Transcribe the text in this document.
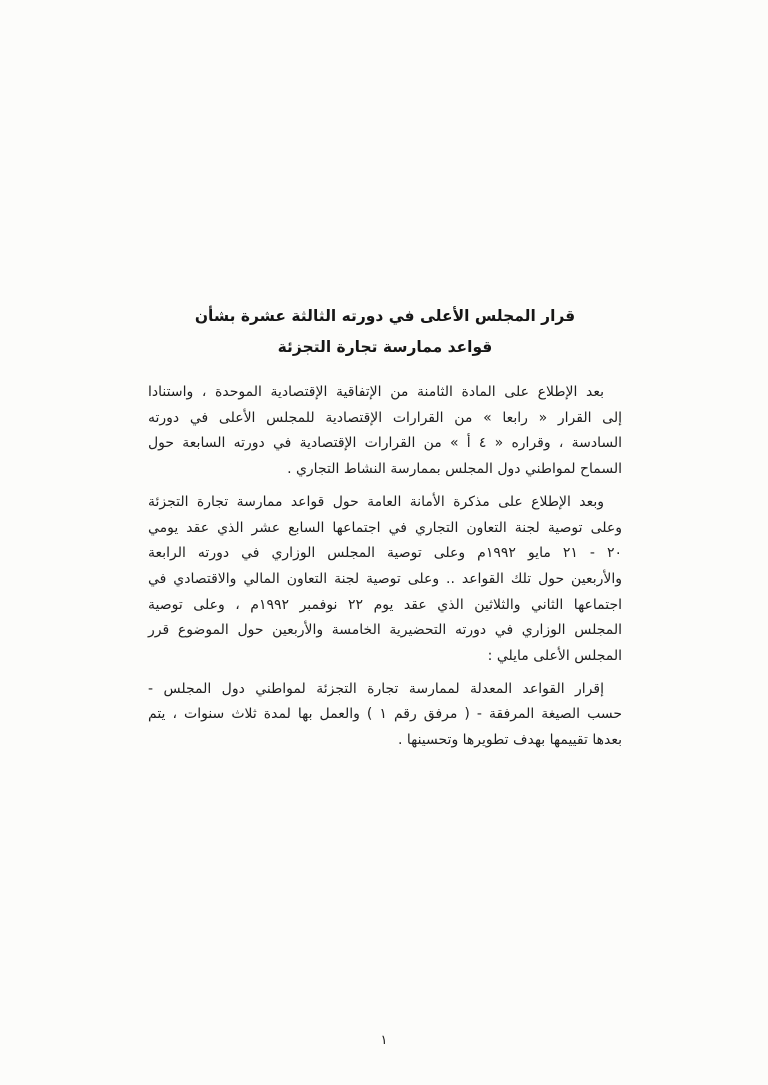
قرار المجلس الأعلى في دورته الثالثة عشرة بشأن
قواعد ممارسة تجارة التجزئة
بعد الإطلاع على المادة الثامنة من الإتفاقية الإقتصادية الموحدة ، واستنادا
إلى القرار « رابعا » من القرارات الإقتصادية للمجلس الأعلى في دورته
السادسة ، وقراره « ٤ أ » من القرارات الإقتصادية في دورته السابعة حول
السماح لمواطني دول المجلس بممارسة النشاط التجاري .
وبعد الإطلاع على مذكرة الأمانة العامة حول قواعد ممارسة تجارة التجزئة
وعلى توصية لجنة التعاون التجاري في اجتماعها السابع عشر الذي عقد يومي
٢٠ - ٢١ مايو ١٩٩٢م وعلى توصية المجلس الوزاري في دورته الرابعة
والأربعين حول تلك القواعد .. وعلى توصية لجنة التعاون المالي والاقتصادي في
اجتماعها الثاني والثلاثين الذي عقد يوم ٢٢ نوفمبر ١٩٩٢م ، وعلى توصية
المجلس الوزاري في دورته التحضيرية الخامسة والأربعين حول الموضوع قرر
المجلس الأعلى مايلي :
إقرار القواعد المعدلة لممارسة تجارة التجزئة لمواطني دول المجلس -
حسب الصيغة المرفقة - ( مرفق رقم ١ ) والعمل بها لمدة ثلاث سنوات ، يتم
بعدها تقييمها بهدف تطويرها وتحسينها .
١
